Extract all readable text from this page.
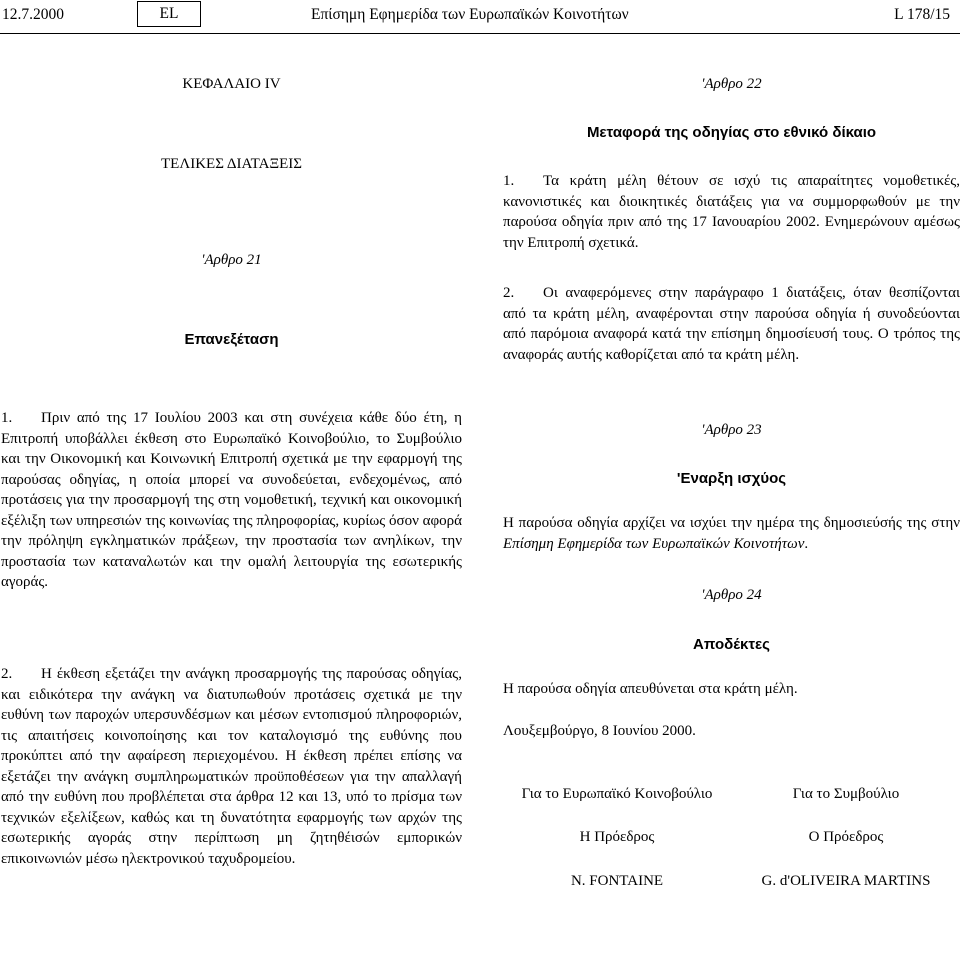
12.7.2000	EL	Επίσημη Εφημερίδα των Ευρωπαϊκών Κοινοτήτων	L 178/15
ΚΕΦΑΛΑΙΟ IV
ΤΕΛΙΚΕΣ ΔΙΑΤΑΞΕΙΣ
'Αρθρο 21
Επανεξέταση
1. Πριν από της 17 Ιουλίου 2003 και στη συνέχεια κάθε δύο έτη, η Επιτροπή υποβάλλει έκθεση στο Ευρωπαϊκό Κοινοβούλιο, το Συμβούλιο και την Οικονομική και Κοινωνική Επιτροπή σχετικά με την εφαρμογή της παρούσας οδηγίας, η οποία μπορεί να συνοδεύεται, ενδεχομένως, από προτάσεις για την προσαρμογή της στη νομοθετική, τεχνική και οικονομική εξέλιξη των υπηρεσιών της κοινωνίας της πληροφορίας, κυρίως όσον αφορά την πρόληψη εγκληματικών πράξεων, την προστασία των ανηλίκων, την προστασία των καταναλωτών και την ομαλή λειτουργία της εσωτερικής αγοράς.
2. Η έκθεση εξετάζει την ανάγκη προσαρμογής της παρούσας οδηγίας, και ειδικότερα την ανάγκη να διατυπωθούν προτάσεις σχετικά με την ευθύνη των παροχών υπερσυνδέσμων και μέσων εντοπισμού πληροφοριών, τις απαιτήσεις κοινοποίησης και τον καταλογισμό της ευθύνης που προκύπτει από την αφαίρεση περιεχομένου. Η έκθεση πρέπει επίσης να εξετάζει την ανάγκη συμπληρωματικών προϋποθέσεων για την απαλλαγή από την ευθύνη που προβλέπεται στα άρθρα 12 και 13, υπό το πρίσμα των τεχνικών εξελίξεων, καθώς και τη δυνατότητα εφαρμογής των αρχών της εσωτερικής αγοράς στην περίπτωση μη ζητηθέισών εμπορικών επικοινωνιών μέσω ηλεκτρονικού ταχυδρομείου.
'Αρθρο 22
Μεταφορά της οδηγίας στο εθνικό δίκαιο
1. Τα κράτη μέλη θέτουν σε ισχύ τις απαραίτητες νομοθετικές, κανονιστικές και διοικητικές διατάξεις για να συμμορφωθούν με την παρούσα οδηγία πριν από της 17 Ιανουαρίου 2002. Ενημερώνουν αμέσως την Επιτροπή σχετικά.
2. Οι αναφερόμενες στην παράγραφο 1 διατάξεις, όταν θεσπίζονται από τα κράτη μέλη, αναφέρονται στην παρούσα οδηγία ή συνοδεύονται από παρόμοια αναφορά κατά την επίσημη δημοσίευσή τους. Ο τρόπος της αναφοράς αυτής καθορίζεται από τα κράτη μέλη.
'Αρθρο 23
'Εναρξη ισχύος
Η παρούσα οδηγία αρχίζει να ισχύει την ημέρα της δημοσιεύσής της στην Επίσημη Εφημερίδα των Ευρωπαϊκών Κοινοτήτων.
'Αρθρο 24
Αποδέκτες
Η παρούσα οδηγία απευθύνεται στα κράτη μέλη.
Λουξεμβούργο, 8 Ιουνίου 2000.
Για το Ευρωπαϊκό Κοινοβούλιο	Για το Συμβούλιο
Η Πρόεδρος	Ο Πρόεδρος
N. FONTAINE	G. d'OLIVEIRA MARTINS
